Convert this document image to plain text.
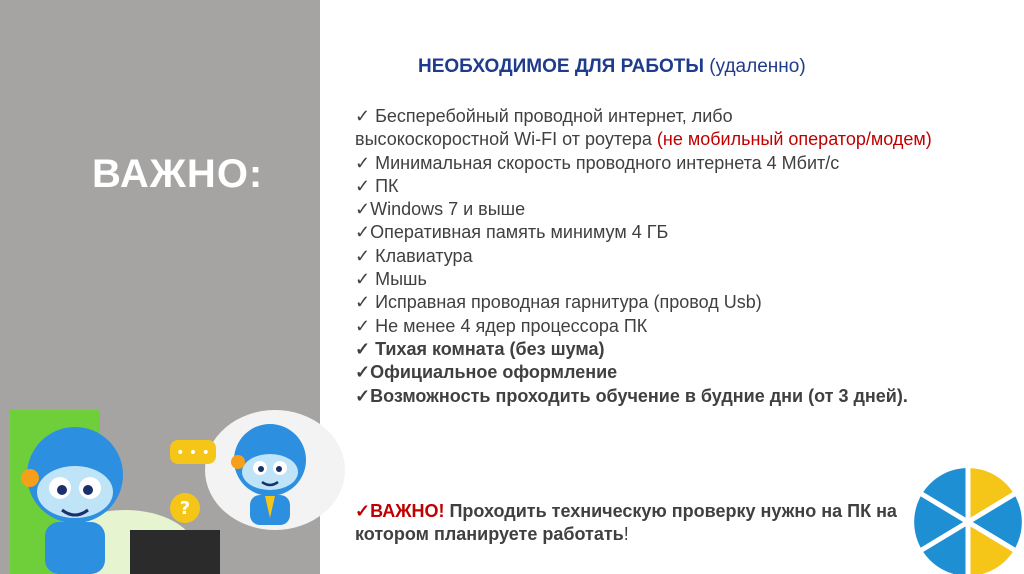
ВАЖНО:
• • •
?
НЕОБХОДИМОЕ ДЛЯ РАБОТЫ (удаленно)
✓ Бесперебойный проводной интернет, либо
высокоскоростной Wi-FI от роутера (не мобильный оператор/модем)
✓ Минимальная скорость проводного интернета 4 Мбит/с
✓ ПК
✓Windows 7 и выше
✓Оперативная память минимум 4 ГБ
✓ Клавиатура
✓ Мышь
✓ Исправная проводная гарнитура (провод Usb)
✓ Не менее 4 ядер процессора ПК
✓ Тихая комната (без шума)
✓Официальное оформление
✓Возможность проходить обучение в будние дни (от 3 дней).
✓ВАЖНО! Проходить техническую проверку нужно на ПК на котором планируете работать!
